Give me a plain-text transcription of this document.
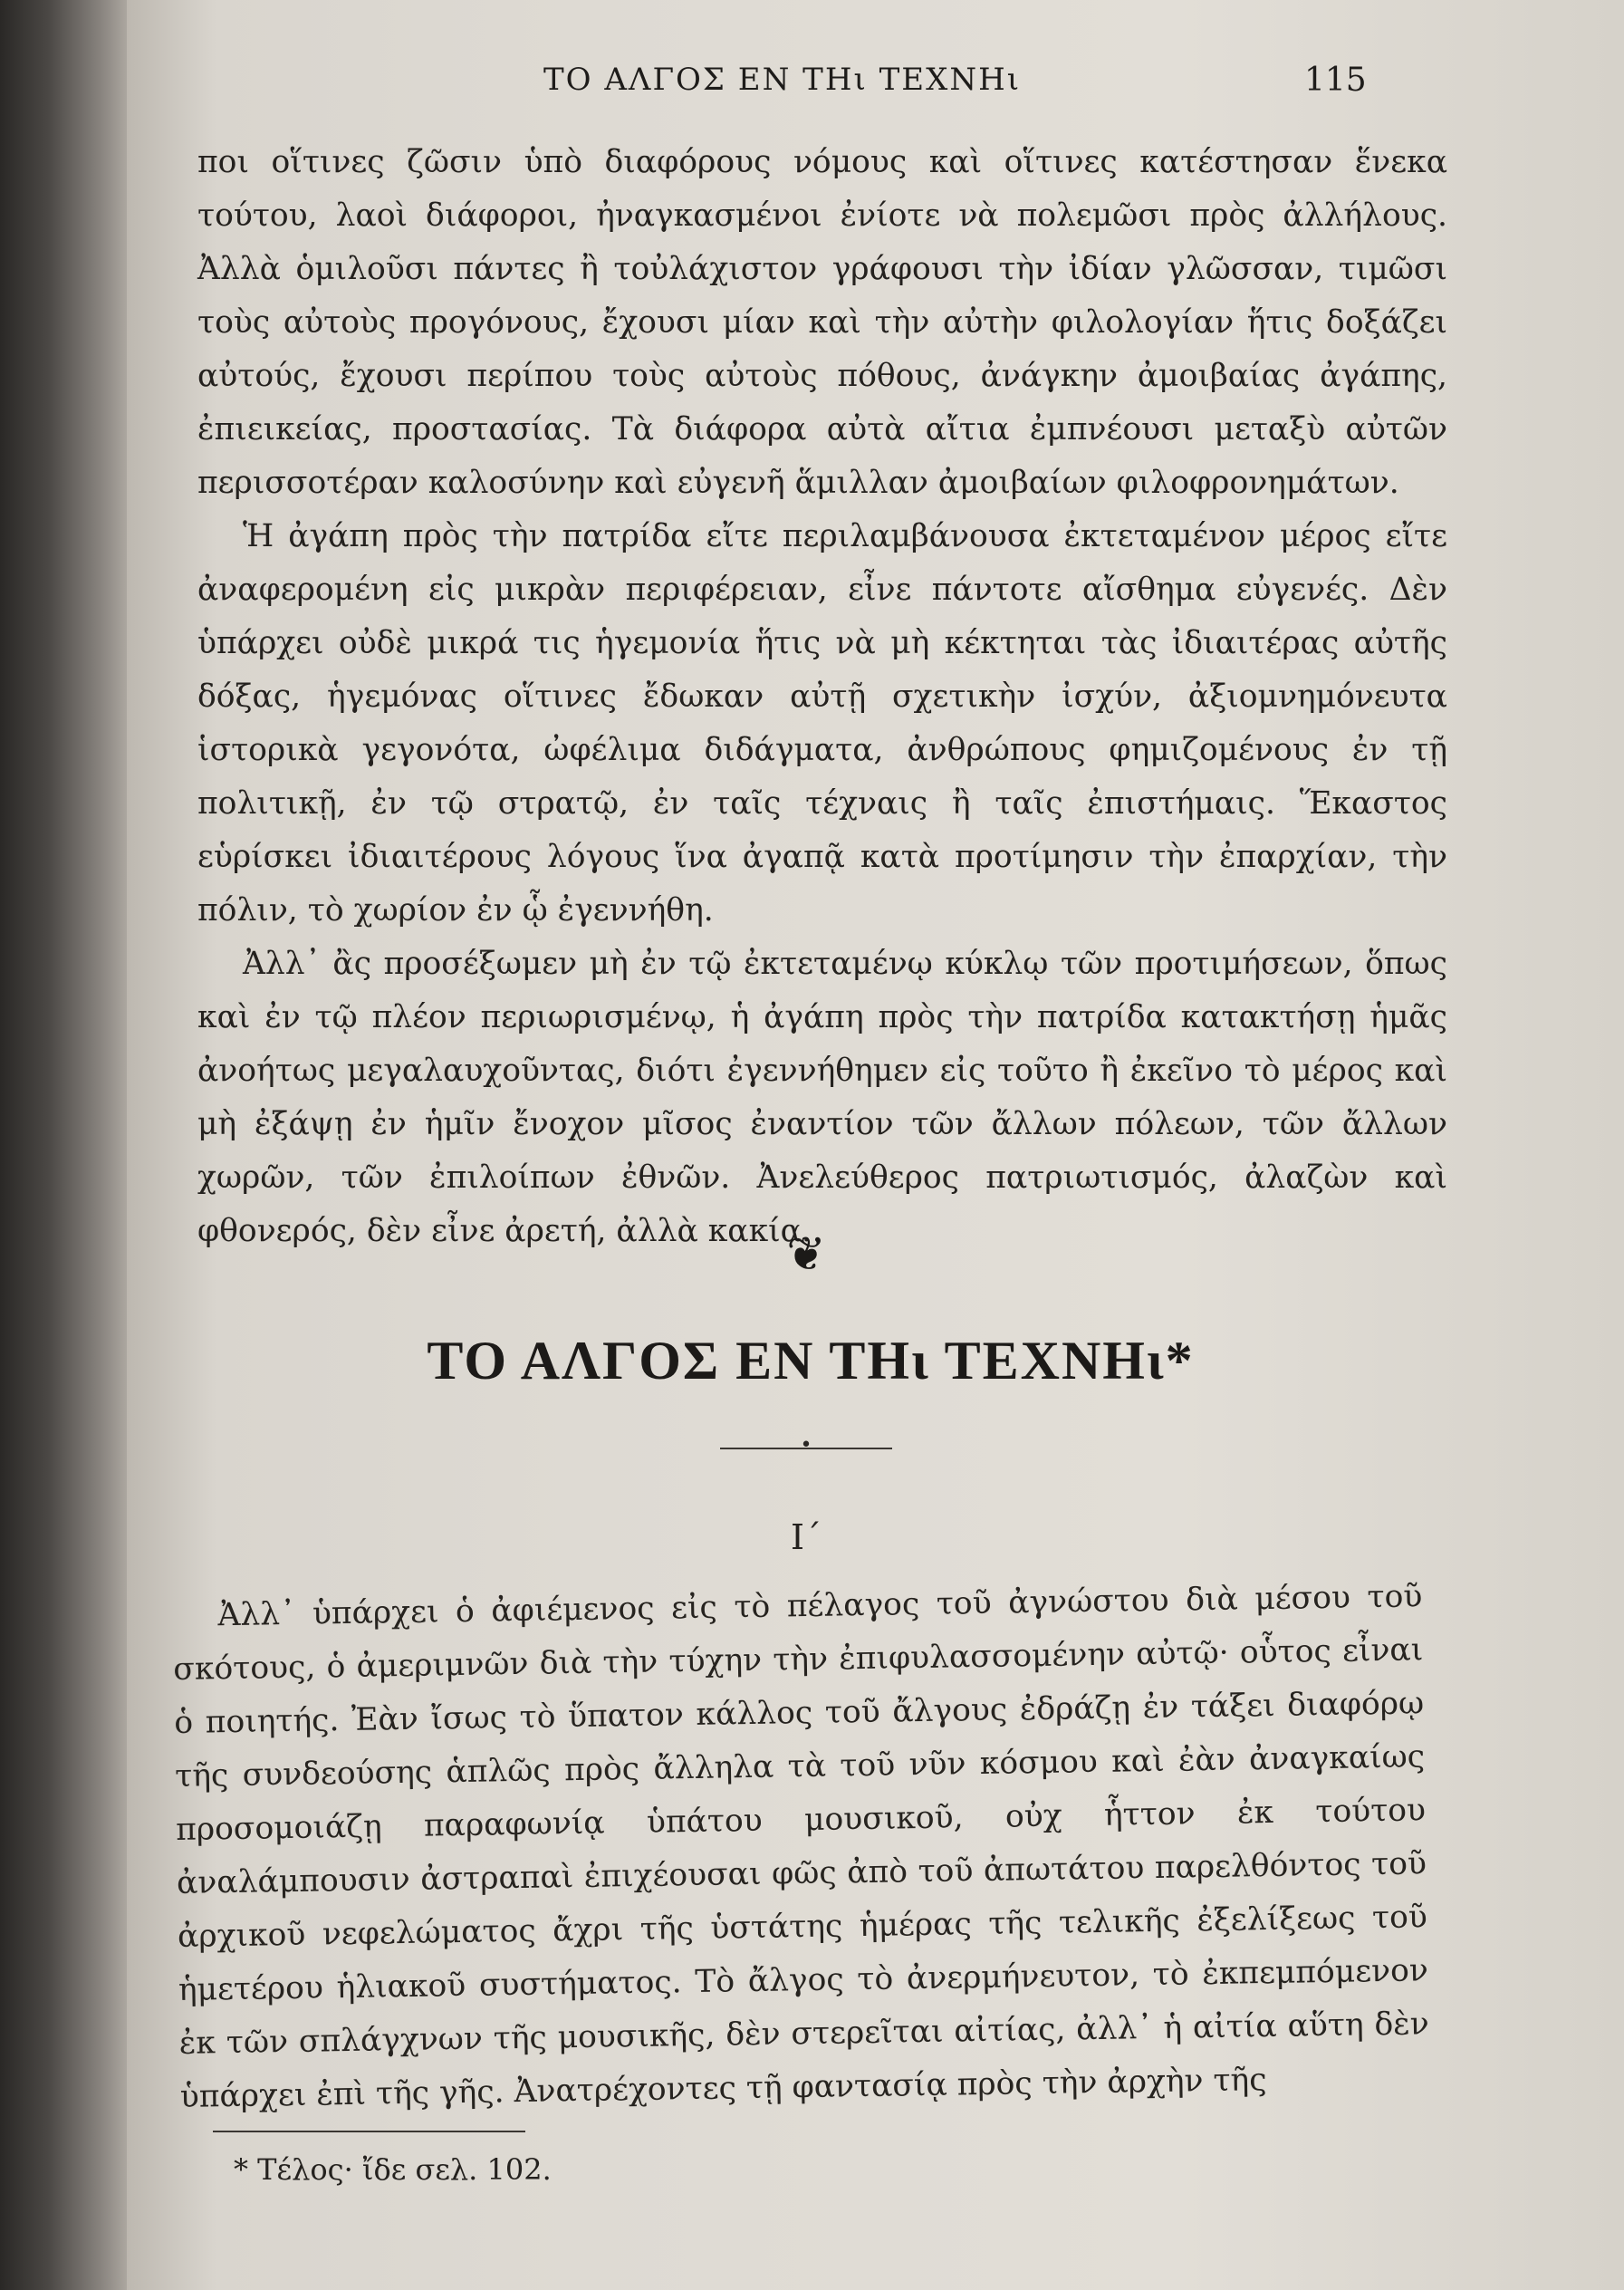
ΤΟ ΑΛΓΟΣ ΕΝ ΤΗι ΤΕΧΝΗι	115

ποι οἵτινες ζῶσιν ὑπὸ διαφόρους νόμους καὶ οἵτινες κατέστησαν ἕνεκα τούτου, λαοὶ διάφοροι, ἠναγκασμένοι ἐνίοτε νὰ πολεμῶσι πρὸς ἀλλήλους. Ἀλλὰ ὁμιλοῦσι πάντες ἢ τοὐλάχιστον γράφουσι τὴν ἰδίαν γλῶσσαν, τιμῶσι τοὺς αὐτοὺς προγόνους, ἔχουσι μίαν καὶ τὴν αὐτὴν φιλολογίαν ἥτις δοξάζει αὐτούς, ἔχουσι περίπου τοὺς αὐτοὺς πόθους, ἀνάγκην ἀμοιβαίας ἀγάπης, ἐπιεικείας, προστασίας. Τὰ διάφορα αὐτὰ αἴτια ἐμπνέουσι μεταξὺ αὐτῶν περισσοτέραν καλοσύνην καὶ εὐγενῆ ἅμιλλαν ἀμοιβαίων φιλοφρονημάτων.

Ἡ ἀγάπη πρὸς τὴν πατρίδα εἴτε περιλαμβάνουσα ἐκτεταμένον μέρος εἴτε ἀναφερομένη εἰς μικρὰν περιφέρειαν, εἶνε πάντοτε αἴσθημα εὐγενές. Δὲν ὑπάρχει οὐδὲ μικρά τις ἡγεμονία ἥτις νὰ μὴ κέκτηται τὰς ἰδιαιτέρας αὐτῆς δόξας, ἡγεμόνας οἵτινες ἔδωκαν αὐτῇ σχετικὴν ἰσχύν, ἀξιομνημόνευτα ἱστορικὰ γεγονότα, ὠφέλιμα διδάγματα, ἀνθρώπους φημιζομένους ἐν τῇ πολιτικῇ, ἐν τῷ στρατῷ, ἐν ταῖς τέχναις ἢ ταῖς ἐπιστήμαις. Ἕκαστος εὑρίσκει ἰδιαιτέρους λόγους ἵνα ἀγαπᾷ κατὰ προτίμησιν τὴν ἐπαρχίαν, τὴν πόλιν, τὸ χωρίον ἐν ᾧ ἐγεννήθη.

Ἀλλ᾽ ἂς προσέξωμεν μὴ ἐν τῷ ἐκτεταμένῳ κύκλῳ τῶν προτιμήσεων, ὅπως καὶ ἐν τῷ πλέον περιωρισμένῳ, ἡ ἀγάπη πρὸς τὴν πατρίδα κατακτήσῃ ἡμᾶς ἀνοήτως μεγαλαυχοῦντας, διότι ἐγεννήθημεν εἰς τοῦτο ἢ ἐκεῖνο τὸ μέρος καὶ μὴ ἐξάψῃ ἐν ἡμῖν ἔνοχον μῖσος ἐναντίον τῶν ἄλλων πόλεων, τῶν ἄλλων χωρῶν, τῶν ἐπιλοίπων ἐθνῶν. Ἀνελεύθερος πατριωτισμός, ἀλαζὼν καὶ φθονερός, δὲν εἶνε ἀρετή, ἀλλὰ κακία.

❦
ΤΟ ΑΛΓΟΣ ΕΝ ΤΗι ΤΕΧΝΗι*
•
Ι´

Ἀλλ᾽ ὑπάρχει ὁ ἀφιέμενος εἰς τὸ πέλαγος τοῦ ἀγνώστου διὰ μέσου τοῦ σκότους, ὁ ἀμεριμνῶν διὰ τὴν τύχην τὴν ἐπιφυλασσομένην αὐτῷ· οὗτος εἶναι ὁ ποιητής. Ἐὰν ἴσως τὸ ὕπατον κάλλος τοῦ ἄλγους ἐδράζῃ ἐν τάξει διαφόρῳ τῆς συνδεούσης ἁπλῶς πρὸς ἄλληλα τὰ τοῦ νῦν κόσμου καὶ ἐὰν ἀναγκαίως προσομοιάζῃ παραφωνίᾳ ὑπάτου μουσικοῦ, οὐχ ἧττον ἐκ τούτου ἀναλάμπουσιν ἀστραπαὶ ἐπιχέουσαι φῶς ἀπὸ τοῦ ἀπωτάτου παρελθόντος τοῦ ἀρχικοῦ νεφελώματος ἄχρι τῆς ὑστάτης ἡμέρας τῆς τελικῆς ἐξελίξεως τοῦ ἡμετέρου ἡλιακοῦ συστήματος. Τὸ ἄλγος τὸ ἀνερμήνευτον, τὸ ἐκπεμπόμενον ἐκ τῶν σπλάγχνων τῆς μουσικῆς, δὲν στερεῖται αἰτίας, ἀλλ᾽ ἡ αἰτία αὕτη δὲν ὑπάρχει ἐπὶ τῆς γῆς. Ἀνατρέχοντες τῇ φαντασίᾳ πρὸς τὴν ἀρχὴν τῆς

* Τέλος· ἴδε σελ. 102.
